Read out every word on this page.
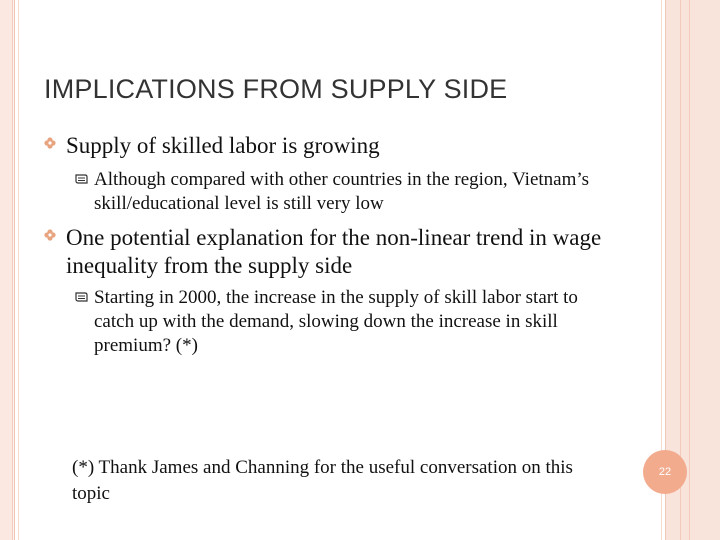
IMPLICATIONS FROM SUPPLY SIDE
Supply of skilled labor is growing
Although compared with other countries in the region, Vietnam’s skill/educational level is still very low
One potential explanation for the non-linear trend in wage inequality from the supply side
Starting in 2000, the increase in the supply of skill labor start to catch up with the demand, slowing down the increase in skill premium? (*)
(*) Thank James and Channing for the useful conversation on this topic
22
